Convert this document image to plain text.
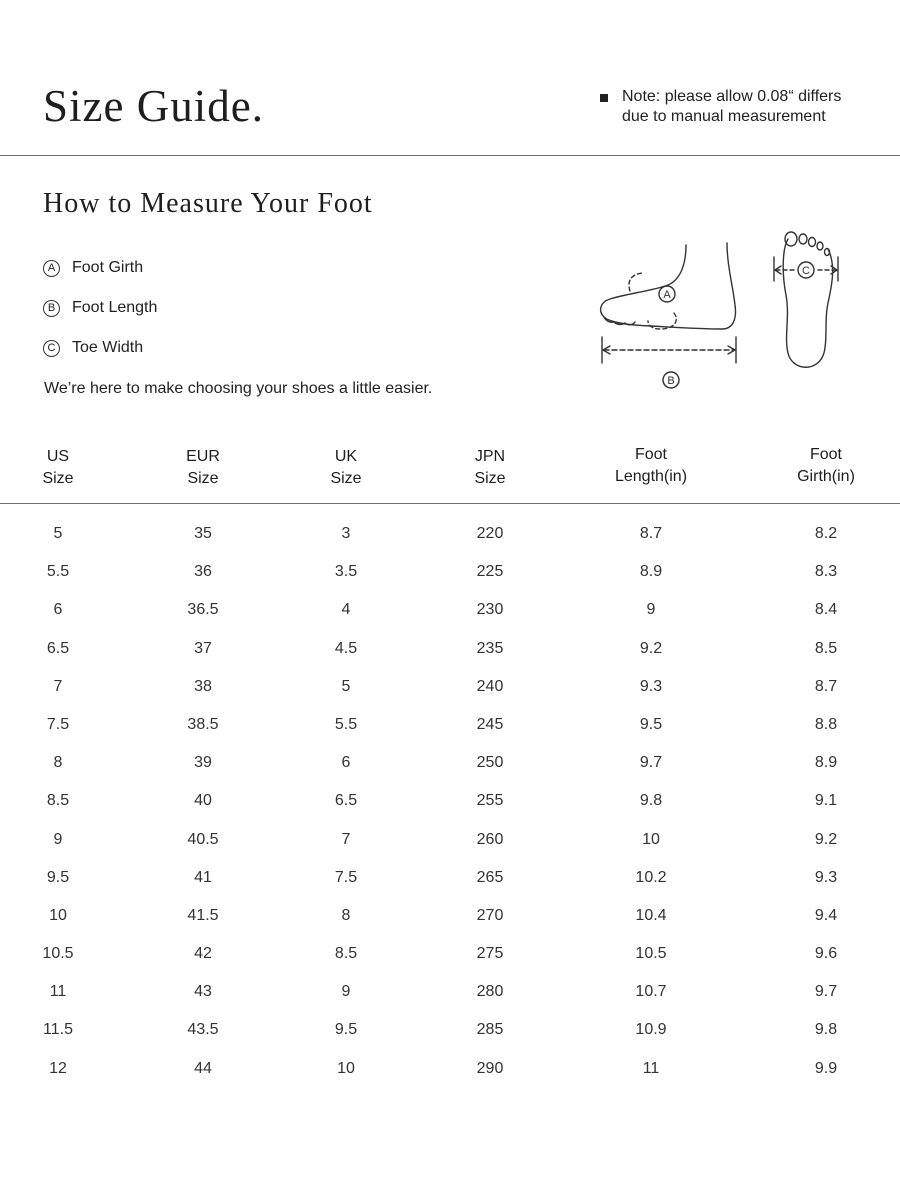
Size Guide.	Note: please allow 0.08“ differs due to manual measurement
How to Measure Your Foot
A	Foot Girth
B	Foot Length
C Toe Width
We’re here to make choosing your shoes a little easier.
A
B
C
US
Size
EUR
Size
UK
Size
JPN
Size
Foot
Length(in)
Foot
Girth(in)
5	35	3	220	8.7	8.2
5.5	36	3.5	225	8.9	8.3
6	36.5	4	230	9	8.4
6.5	37	4.5	235	9.2	8.5
7	38	5	240	9.3	8.7
7.5	38.5	5.5	245	9.5	8.8
8	39	6	250	9.7	8.9
8.5	40	6.5	255	9.8	9.1
9	40.5	7	260	10	9.2
9.5	41	7.5	265	10.2	9.3
10	41.5	8	270	10.4	9.4
10.5	42	8.5	275	10.5	9.6
11	43	9	280	10.7	9.7
11.5	43.5	9.5	285	10.9	9.8
12	44	10	290	11	9.9
